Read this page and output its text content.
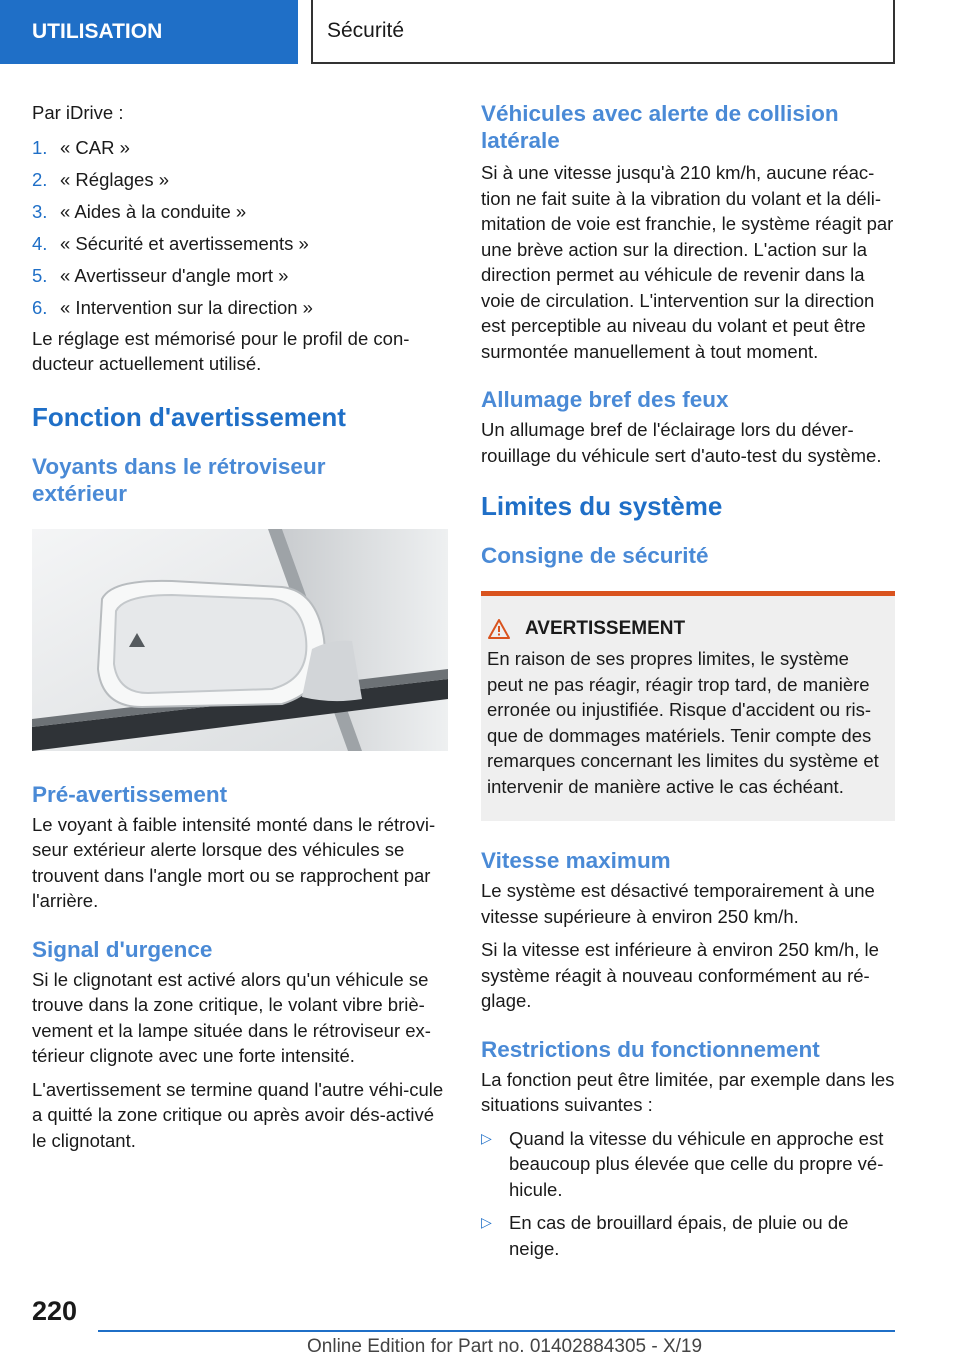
UTILISATION	Sécurité

Par iDrive :

1. « CAR »
2. « Réglages »
3. « Aides à la conduite »
4. « Sécurité et avertissements »
5. « Avertisseur d'angle mort »
6. « Intervention sur la direction »

Le réglage est mémorisé pour le profil de con‐ducteur actuellement utilisé.

Fonction d'avertissement
Voyants dans le rétroviseur extérieur
Pré-avertissement

Le voyant à faible intensité monté dans le rétrovi‐seur extérieur alerte lorsque des véhicules se trouvent dans l'angle mort ou se rapprochent par l'arrière.

Signal d'urgence

Si le clignotant est activé alors qu'un véhicule se trouve dans la zone critique, le volant vibre briè‐vement et la lampe située dans le rétroviseur ex‐térieur clignote avec une forte intensité.

L'avertissement se termine quand l'autre véhi‐cule a quitté la zone critique ou après avoir dés‐activé le clignotant.

Véhicules avec alerte de collision latérale

Si à une vitesse jusqu'à 210 km/h, aucune réac‐tion ne fait suite à la vibration du volant et la déli‐mitation de voie est franchie, le système réagit par une brève action sur la direction. L'action sur la direction permet au véhicule de revenir dans la voie de circulation. L'intervention sur la direction est perceptible au niveau du volant et peut être surmontée manuellement à tout moment.

Allumage bref des feux

Un allumage bref de l'éclairage lors du déver‐rouillage du véhicule sert d'auto-test du système.

Limites du système
Consigne de sécurité
AVERTISSEMENT

En raison de ses propres limites, le système peut ne pas réagir, réagir trop tard, de manière erronée ou injustifiée. Risque d'accident ou ris‐que de dommages matériels. Tenir compte des remarques concernant les limites du système et intervenir de manière active le cas échéant.

Vitesse maximum

Le système est désactivé temporairement à une vitesse supérieure à environ 250 km/h.

Si la vitesse est inférieure à environ 250 km/h, le système réagit à nouveau conformément au ré‐glage.

Restrictions du fonctionnement

La fonction peut être limitée, par exemple dans les situations suivantes :

▷ Quand la vitesse du véhicule en approche est beaucoup plus élevée que celle du propre vé‐hicule.
▷ En cas de brouillard épais, de pluie ou de neige.
220
Online Edition for Part no. 01402884305 - X/19
